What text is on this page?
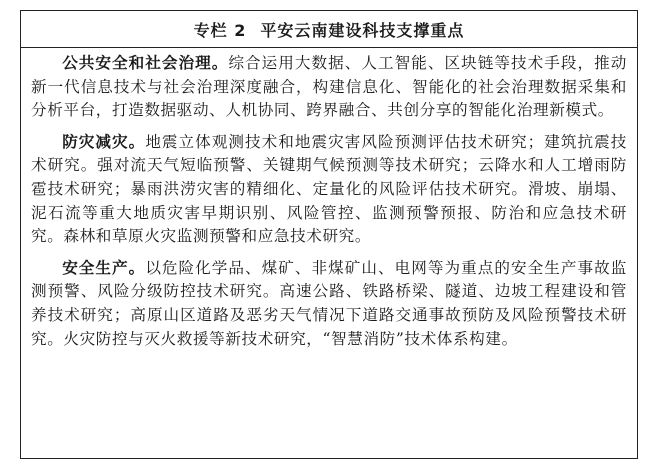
专栏 2 平安云南建设科技支撑重点

公共安全和社会治理。综合运用大数据、人工智能、区块链等技术手段，推动新一代信息技术与社会治理深度融合，构建信息化、智能化的社会治理数据采集和分析平台，打造数据驱动、人机协同、跨界融合、共创分享的智能化治理新模式。

防灾减灾。地震立体观测技术和地震灾害风险预测评估技术研究；建筑抗震技术研究。强对流天气短临预警、关键期气候预测等技术研究；云降水和人工增雨防雹技术研究；暴雨洪涝灾害的精细化、定量化的风险评估技术研究。滑坡、崩塌、泥石流等重大地质灾害早期识别、风险管控、监测预警预报、防治和应急技术研究。森林和草原火灾监测预警和应急技术研究。

安全生产。以危险化学品、煤矿、非煤矿山、电网等为重点的安全生产事故监测预警、风险分级防控技术研究。高速公路、铁路桥梁、隧道、边坡工程建设和管养技术研究；高原山区道路及恶劣天气情况下道路交通事故预防及风险预警技术研究。火灾防控与灭火救援等新技术研究，“智慧消防”技术体系构建。
